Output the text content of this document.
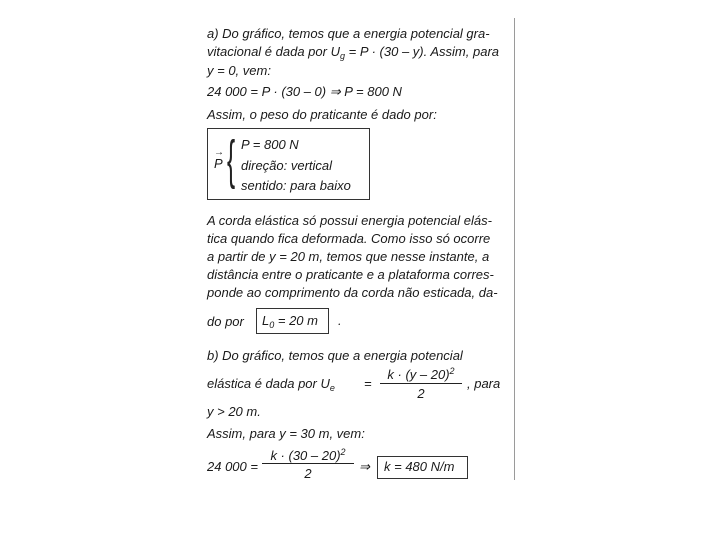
a) Do gráfico, temos que a energia potencial gra-
vitacional é dada por $U_g = P \cdot (30 - y)$. Assim, para
y = 0, vem:
24 000 = P · (30 – 0) ⇒ P = 800 N
Assim, o peso do praticante é dado por:
→
P { P = 800 N
direção: vertical
sentido: para baixo
A corda elástica só possui energia potencial elás-
tica quando fica deformada. Como isso só ocorre
a partir de y = 20 m, temos que nesse instante, a
distância entre o praticante e a plataforma corres-
ponde ao comprimento da corda não esticada, da-
do por $L_0 = 20$ m .
b) Do gráfico, temos que a energia potencial
elástica é dada por $U_e$ =
k · (y – 20)$^2$
2
, para
y > 20 m.
Assim, para y = 30 m, vem:
24 000 =
k · (30 – 20)$^2$
2	⇒ k = 480 N/m
